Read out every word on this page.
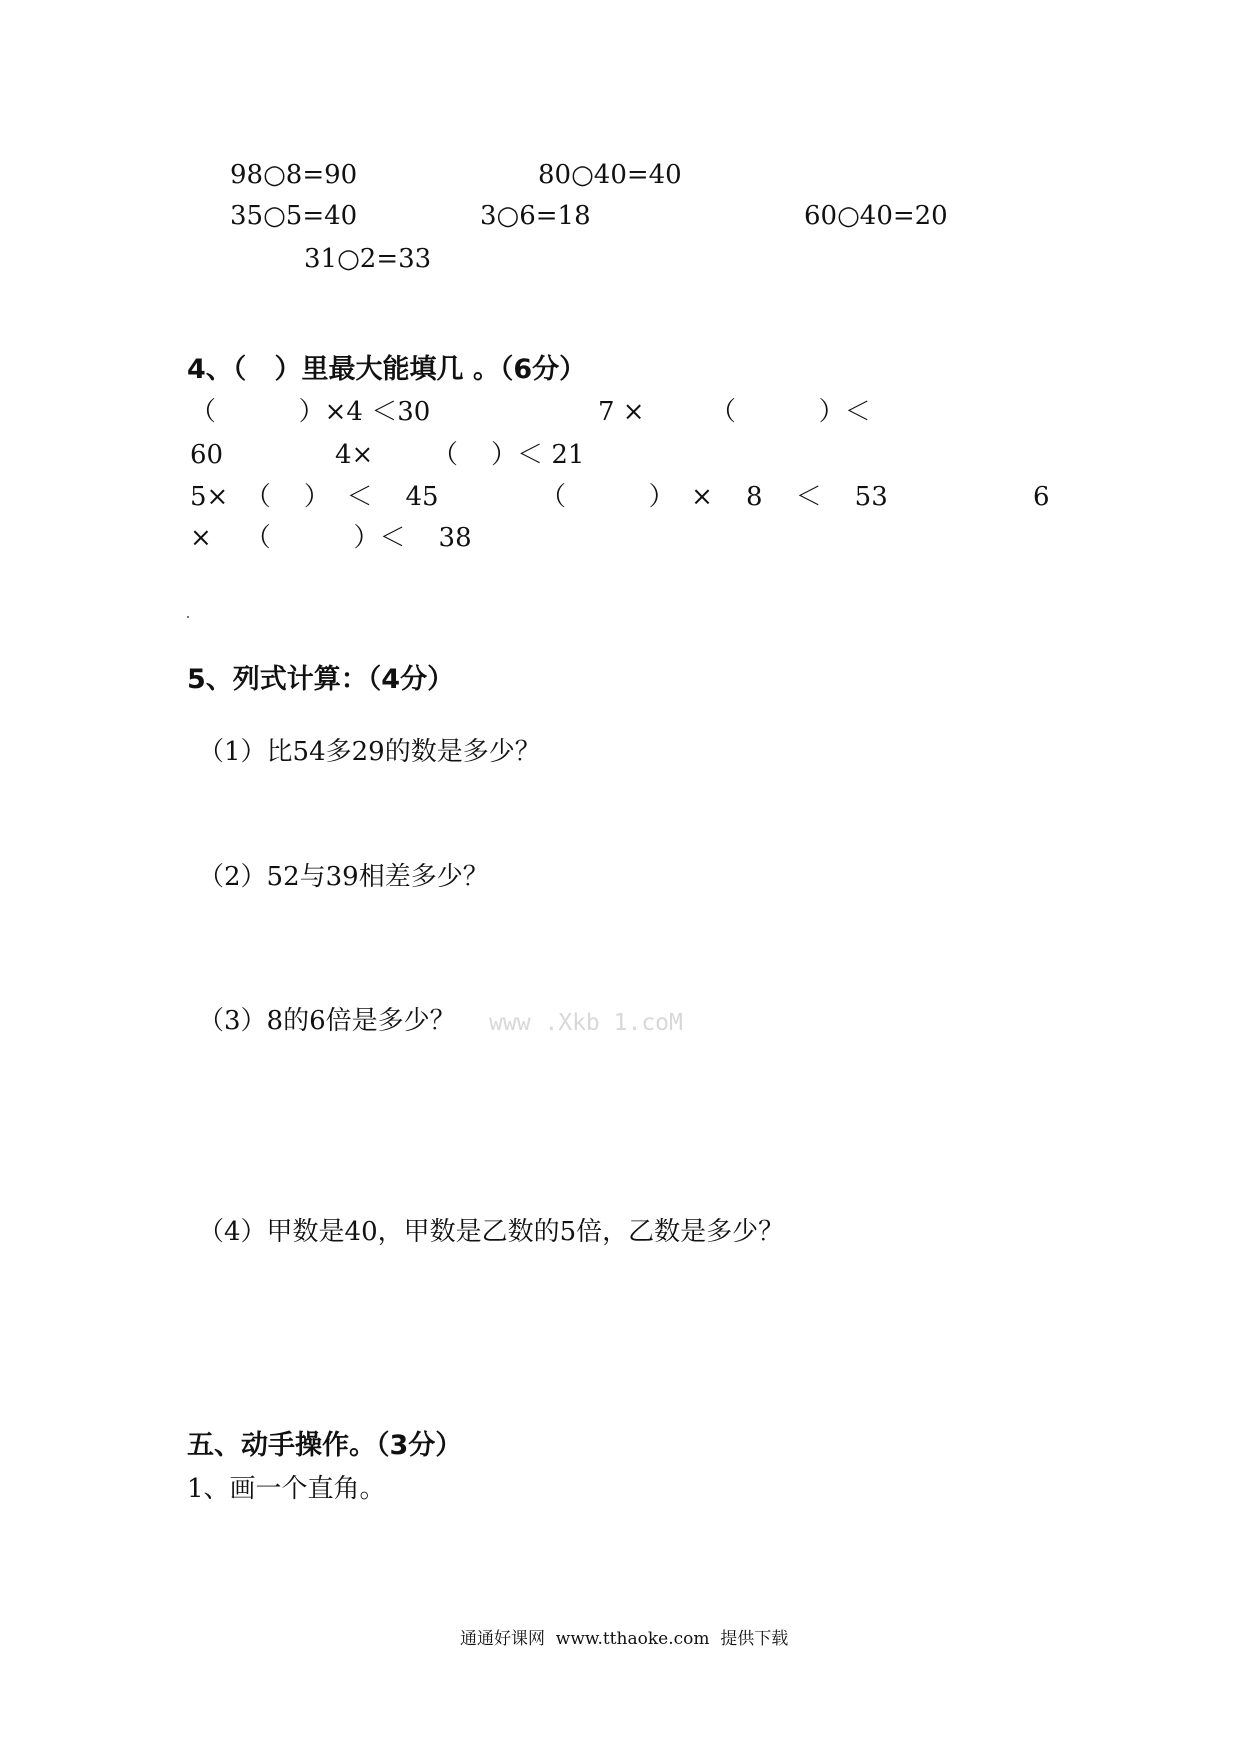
98○8=90	80○40=40
35○5=40	3○6=18	60○40=20
31○2=33
4、（   ）里最大能填几 。（6分）
（          ）×4 ＜30	7 ×	（          ）＜
60	4× （    ）＜ 21
5×  （    ）  ＜    45	（          ）  ×    8    ＜    53	6
×    （          ）＜    38
5、列式计算：（4分）
（1）比54多29的数是多少？
（2）52与39相差多少？
（3）8的6倍是多少？ www .Xkb 1.coM
（4）甲数是40，甲数是乙数的5倍，乙数是多少？
五、动手操作。（3分）
1、画一个直角。
通通好课网  www.tthaoke.com  提供下载
